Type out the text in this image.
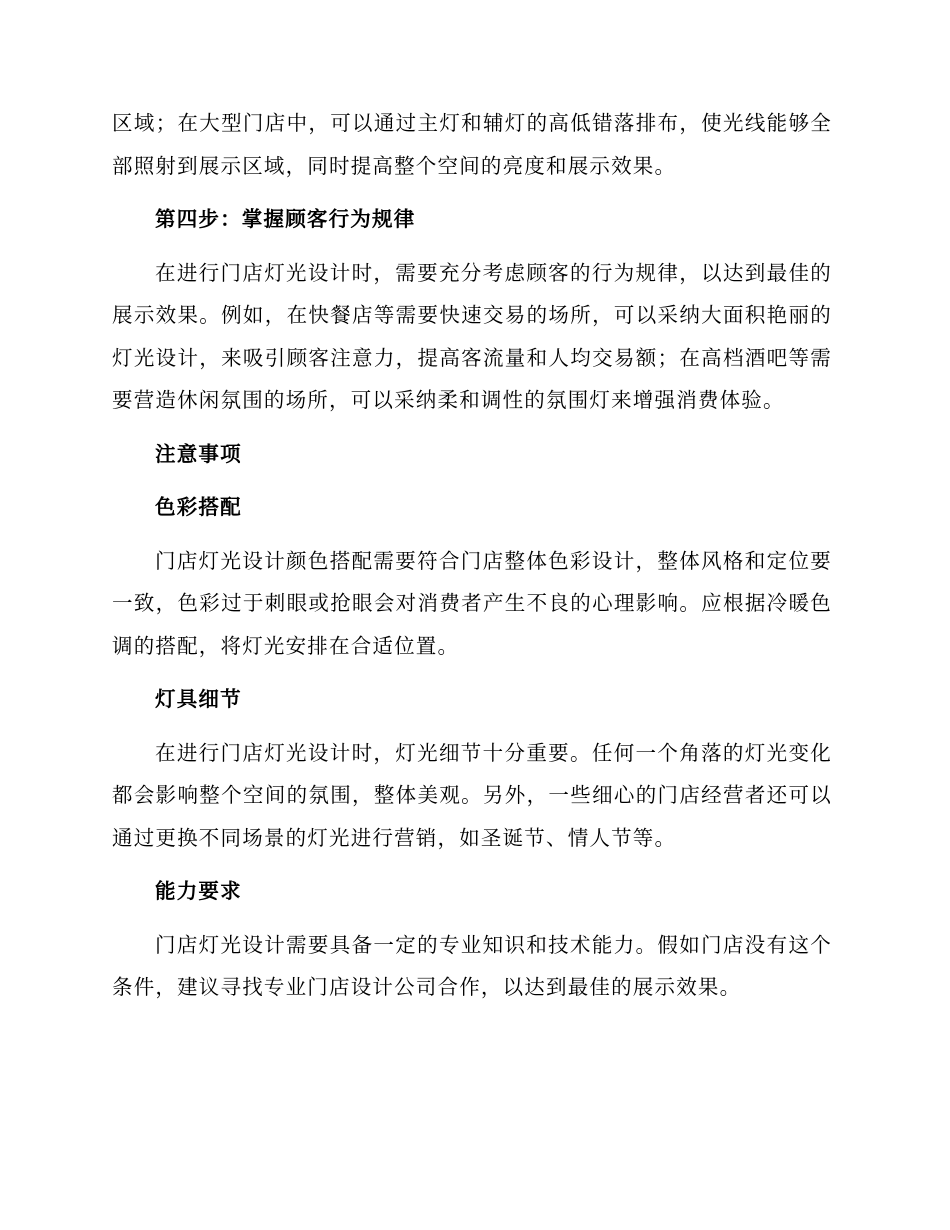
区域；在大型门店中，可以通过主灯和辅灯的高低错落排布，使光线能够全部照射到展示区域，同时提高整个空间的亮度和展示效果。

第四步：掌握顾客行为规律

在进行门店灯光设计时，需要充分考虑顾客的行为规律，以达到最佳的展示效果。例如，在快餐店等需要快速交易的场所，可以采纳大面积艳丽的灯光设计，来吸引顾客注意力，提高客流量和人均交易额；在高档酒吧等需要营造休闲氛围的场所，可以采纳柔和调性的氛围灯来增强消费体验。

注意事项

色彩搭配

门店灯光设计颜色搭配需要符合门店整体色彩设计，整体风格和定位要一致，色彩过于刺眼或抢眼会对消费者产生不良的心理影响。应根据冷暖色调的搭配，将灯光安排在合适位置。

灯具细节

在进行门店灯光设计时，灯光细节十分重要。任何一个角落的灯光变化都会影响整个空间的氛围，整体美观。另外，一些细心的门店经营者还可以通过更换不同场景的灯光进行营销，如圣诞节、情人节等。

能力要求

门店灯光设计需要具备一定的专业知识和技术能力。假如门店没有这个条件，建议寻找专业门店设计公司合作，以达到最佳的展示效果。
